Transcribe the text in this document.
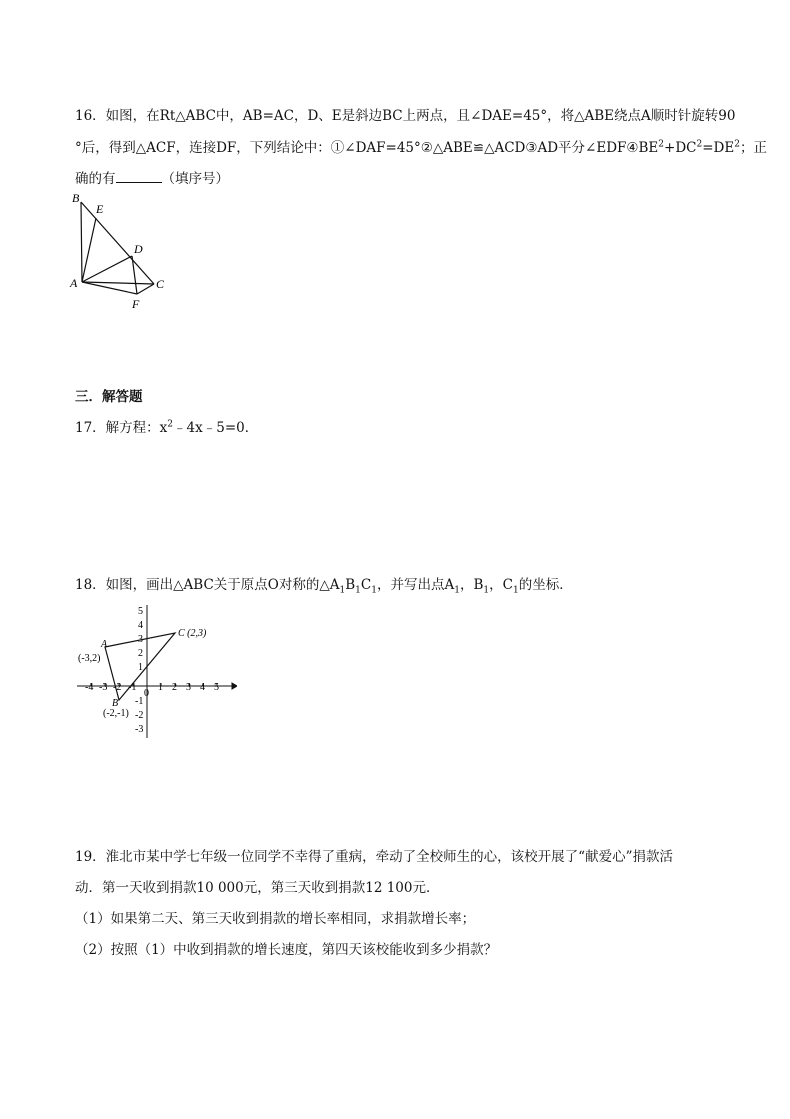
16．如图，在Rt△ABC中，AB=AC，D、E是斜边BC上两点，且∠DAE=45°，将△ABE绕点A顺时针旋转90
°后，得到△ACF，连接DF，下列结论中：①∠DAF=45°②△ABE≌△ACD③AD平分$\angle EDF④BE^2+DC^2=DE^2$；正
确的有	（填序号）
B
E
D
A	C
F
三．解答题
17．解方程：$x^2﹣4x﹣5=0$．
18．如图，画出△ABC关于原点O对称的$\triangle A_1B_1C_1$，并写出点$A_1$，$B_1$，$C_1$的坐标．
-4 -3 -2 -1
0
1 2 3 4 5
5
4
3
2
1
-1
-2
-3
A
(-3,2)
C (2,3)
B
(-2,-1)
19．淮北市某中学七年级一位同学不幸得了重病，牵动了全校师生的心，该校开展了“献爱心”捐款活
动．第一天收到捐款10 000元，第三天收到捐款12 100元．
（1）如果第二天、第三天收到捐款的增长率相同，求捐款增长率；
（2）按照（1）中收到捐款的增长速度，第四天该校能收到多少捐款？
